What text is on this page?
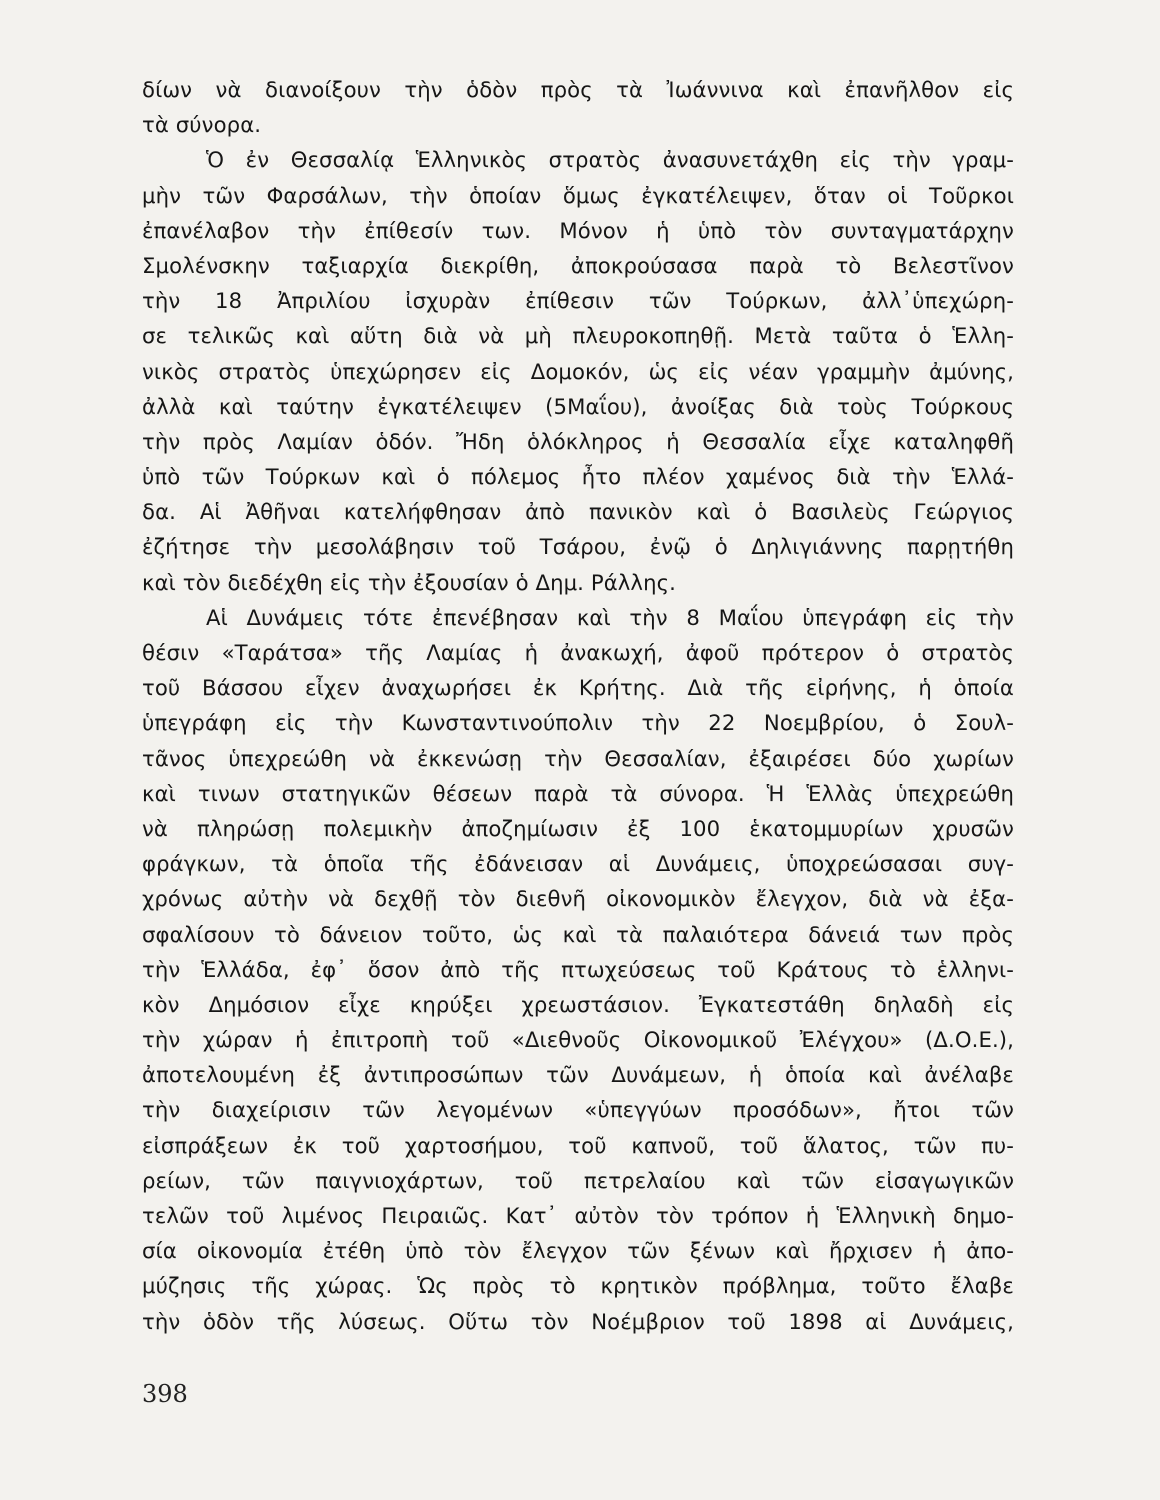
δίων νὰ διανοίξουν τὴν ὁδὸν πρὸς τὰ Ἰωάννινα καὶ ἐπανῆλθον εἰς
τὰ σύνορα.
Ὁ ἐν Θεσσαλίᾳ Ἑλληνικὸς στρατὸς ἀνασυνετάχθη εἰς τὴν γραμ-
μὴν τῶν Φαρσάλων, τὴν ὁποίαν ὅμως ἐγκατέλειψεν, ὅταν οἱ Τοῦρκοι
ἐπανέλαβον τὴν ἐπίθεσίν των. Μόνον ἡ ὑπὸ τὸν συνταγματάρχην
Σμολένσκην ταξιαρχία διεκρίθη, ἀποκρούσασα παρὰ τὸ Βελεστῖνον
τὴν 18 Ἀπριλίου ἰσχυρὰν ἐπίθεσιν τῶν Τούρκων, ἀλλ᾽ὑπεχώρη-
σε τελικῶς καὶ αὕτη διὰ νὰ μὴ πλευροκοπηθῇ. Μετὰ ταῦτα ὁ Ἑλλη-
νικὸς στρατὸς ὑπεχώρησεν εἰς Δομοκόν, ὡς εἰς νέαν γραμμὴν ἀμύνης,
ἀλλὰ καὶ ταύτην ἐγκατέλειψεν (5Μαΐου), ἀνοίξας διὰ τοὺς Τούρκους
τὴν πρὸς Λαμίαν ὁδόν. Ἤδη ὁλόκληρος ἡ Θεσσαλία εἶχε καταληφθῆ
ὑπὸ τῶν Τούρκων καὶ ὁ πόλεμος ἦτο πλέον χαμένος διὰ τὴν Ἑλλά-
δα. Αἱ Ἀθῆναι κατελήφθησαν ἀπὸ πανικὸν καὶ ὁ Βασιλεὺς Γεώργιος
ἐζήτησε τὴν μεσολάβησιν τοῦ Τσάρου, ἐνῷ ὁ Δηλιγιάννης παρῃτήθη
καὶ τὸν διεδέχθη εἰς τὴν ἐξουσίαν ὁ Δημ. Ράλλης.
Αἱ Δυνάμεις τότε ἐπενέβησαν καὶ τὴν 8 Μαΐου ὑπεγράφη εἰς τὴν
θέσιν «Ταράτσα» τῆς Λαμίας ἡ ἀνακωχή, ἀφοῦ πρότερον ὁ στρατὸς
τοῦ Βάσσου εἶχεν ἀναχωρήσει ἐκ Κρήτης. Διὰ τῆς εἰρήνης, ἡ ὁποία
ὑπεγράφη εἰς τὴν Κωνσταντινούπολιν τὴν 22 Νοεμβρίου, ὁ Σουλ-
τᾶνος ὑπεχρεώθη νὰ ἐκκενώσῃ τὴν Θεσσαλίαν, ἐξαιρέσει δύο χωρίων
καὶ τινων στατηγικῶν θέσεων παρὰ τὰ σύνορα. Ἡ Ἑλλὰς ὑπεχρεώθη
νὰ πληρώσῃ πολεμικὴν ἀποζημίωσιν ἐξ 100 ἑκατομμυρίων χρυσῶν
φράγκων, τὰ ὁποῖα τῆς ἐδάνεισαν αἱ Δυνάμεις, ὑποχρεώσασαι συγ-
χρόνως αὐτὴν νὰ δεχθῇ τὸν διεθνῆ οἰκονομικὸν ἔλεγχον, διὰ νὰ ἐξα-
σφαλίσουν τὸ δάνειον τοῦτο, ὡς καὶ τὰ παλαιότερα δάνειά των πρὸς
τὴν Ἑλλάδα, ἐφ᾽ ὅσον ἀπὸ τῆς πτωχεύσεως τοῦ Κράτους τὸ ἑλληνι-
κὸν Δημόσιον εἶχε κηρύξει χρεωστάσιον. Ἐγκατεστάθη δηλαδὴ εἰς
τὴν χώραν ἡ ἐπιτροπὴ τοῦ «Διεθνοῦς Οἰκονομικοῦ Ἐλέγχου» (Δ.Ο.Ε.),
ἀποτελουμένη ἐξ ἀντιπροσώπων τῶν Δυνάμεων, ἡ ὁποία καὶ ἀνέλαβε
τὴν διαχείρισιν τῶν λεγομένων «ὑπεγγύων προσόδων», ἤτοι τῶν
εἰσπράξεων ἐκ τοῦ χαρτοσήμου, τοῦ καπνοῦ, τοῦ ἅλατος, τῶν πυ-
ρείων, τῶν παιγνιοχάρτων, τοῦ πετρελαίου καὶ τῶν εἰσαγωγικῶν
τελῶν τοῦ λιμένος Πειραιῶς. Κατ᾽ αὐτὸν τὸν τρόπον ἡ Ἑλληνικὴ δημο-
σία οἰκονομία ἐτέθη ὑπὸ τὸν ἔλεγχον τῶν ξένων καὶ ἤρχισεν ἡ ἀπο-
μύζησις τῆς χώρας. Ὡς πρὸς τὸ κρητικὸν πρόβλημα, τοῦτο ἔλαβε
τὴν ὁδὸν τῆς λύσεως. Οὕτω τὸν Νοέμβριον τοῦ 1898 αἱ Δυνάμεις,
398
